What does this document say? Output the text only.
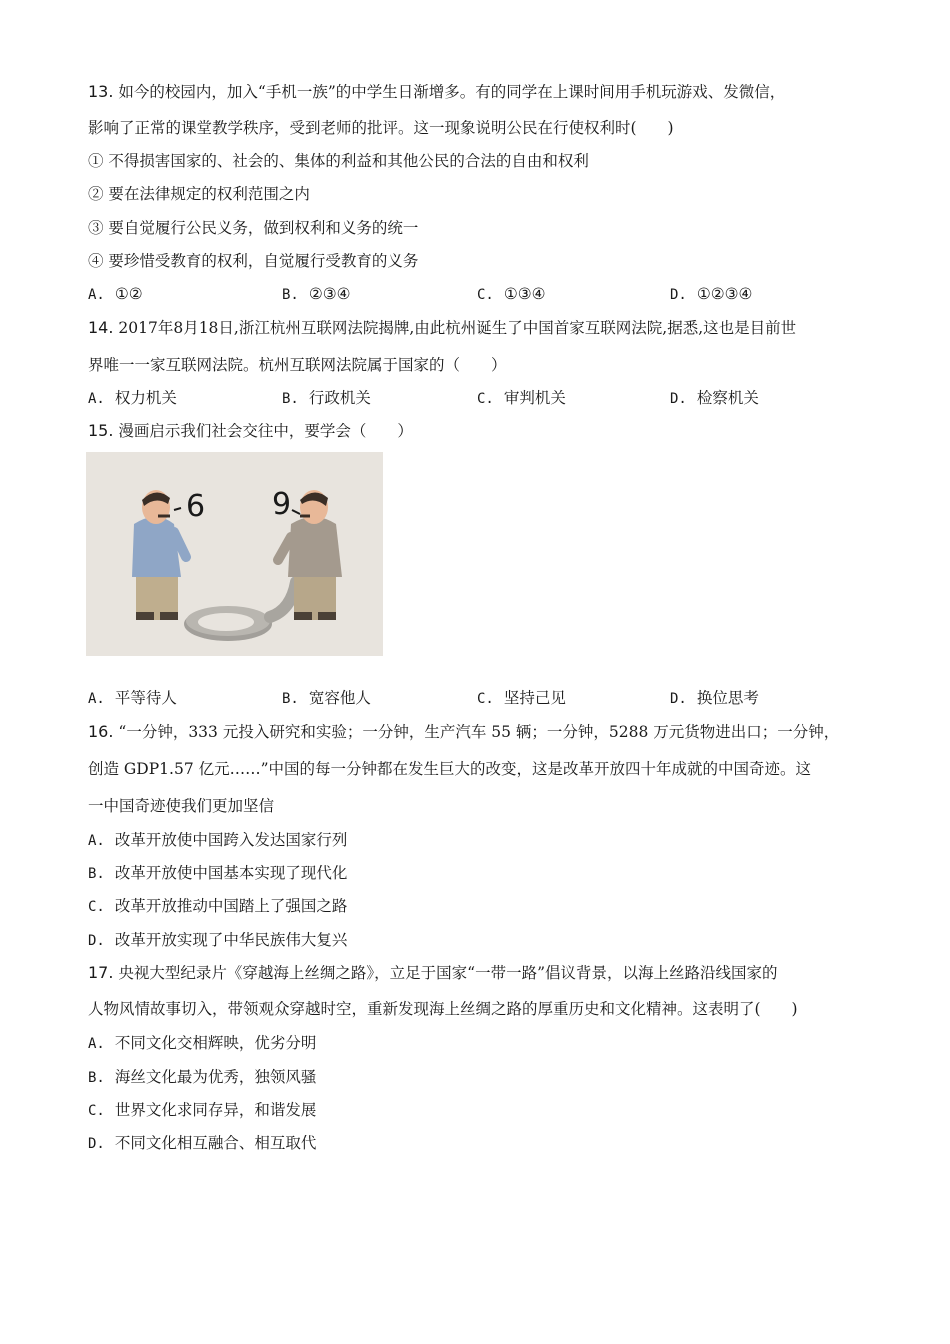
13. 如今的校园内，加入“手机一族”的中学生日渐增多。有的同学在上课时间用手机玩游戏、发微信，
影响了正常的课堂教学秩序，受到老师的批评。这一现象说明公民在行使权利时(　　)
① 不得损害国家的、社会的、集体的利益和其他公民的合法的自由和权利
② 要在法律规定的权利范围之内
③ 要自觉履行公民义务，做到权利和义务的统一
④ 要珍惜受教育的权利，自觉履行受教育的义务
A. ①②	B. ②③④	C. ①③④	D. ①②③④
14. 2017年8月18日,浙江杭州互联网法院揭牌,由此杭州诞生了中国首家互联网法院,据悉,这也是目前世
界唯一一家互联网法院。杭州互联网法院属于国家的（　　）
A. 权力机关	B. 行政机关	C. 审判机关	D. 检察机关
15. 漫画启示我们社会交往中，要学会（　　）
6 9
A. 平等待人	B. 宽容他人	C. 坚持己见	D. 换位思考
16. “一分钟，333 元投入研究和实验；一分钟，生产汽车 55 辆；一分钟，5288 万元货物进出口；一分钟，
创造 GDP1.57 亿元……”中国的每一分钟都在发生巨大的改变，这是改革开放四十年成就的中国奇迹。这
一中国奇迹使我们更加坚信
A. 改革开放使中国跨入发达国家行列
B. 改革开放使中国基本实现了现代化
C. 改革开放推动中国踏上了强国之路
D. 改革开放实现了中华民族伟大复兴
17. 央视大型纪录片《穿越海上丝绸之路》，立足于国家“一带一路”倡议背景，以海上丝路沿线国家的
人物风情故事切入，带领观众穿越时空，重新发现海上丝绸之路的厚重历史和文化精神。这表明了(　　)
A. 不同文化交相辉映，优劣分明
B. 海丝文化最为优秀，独领风骚
C. 世界文化求同存异，和谐发展
D. 不同文化相互融合、相互取代
